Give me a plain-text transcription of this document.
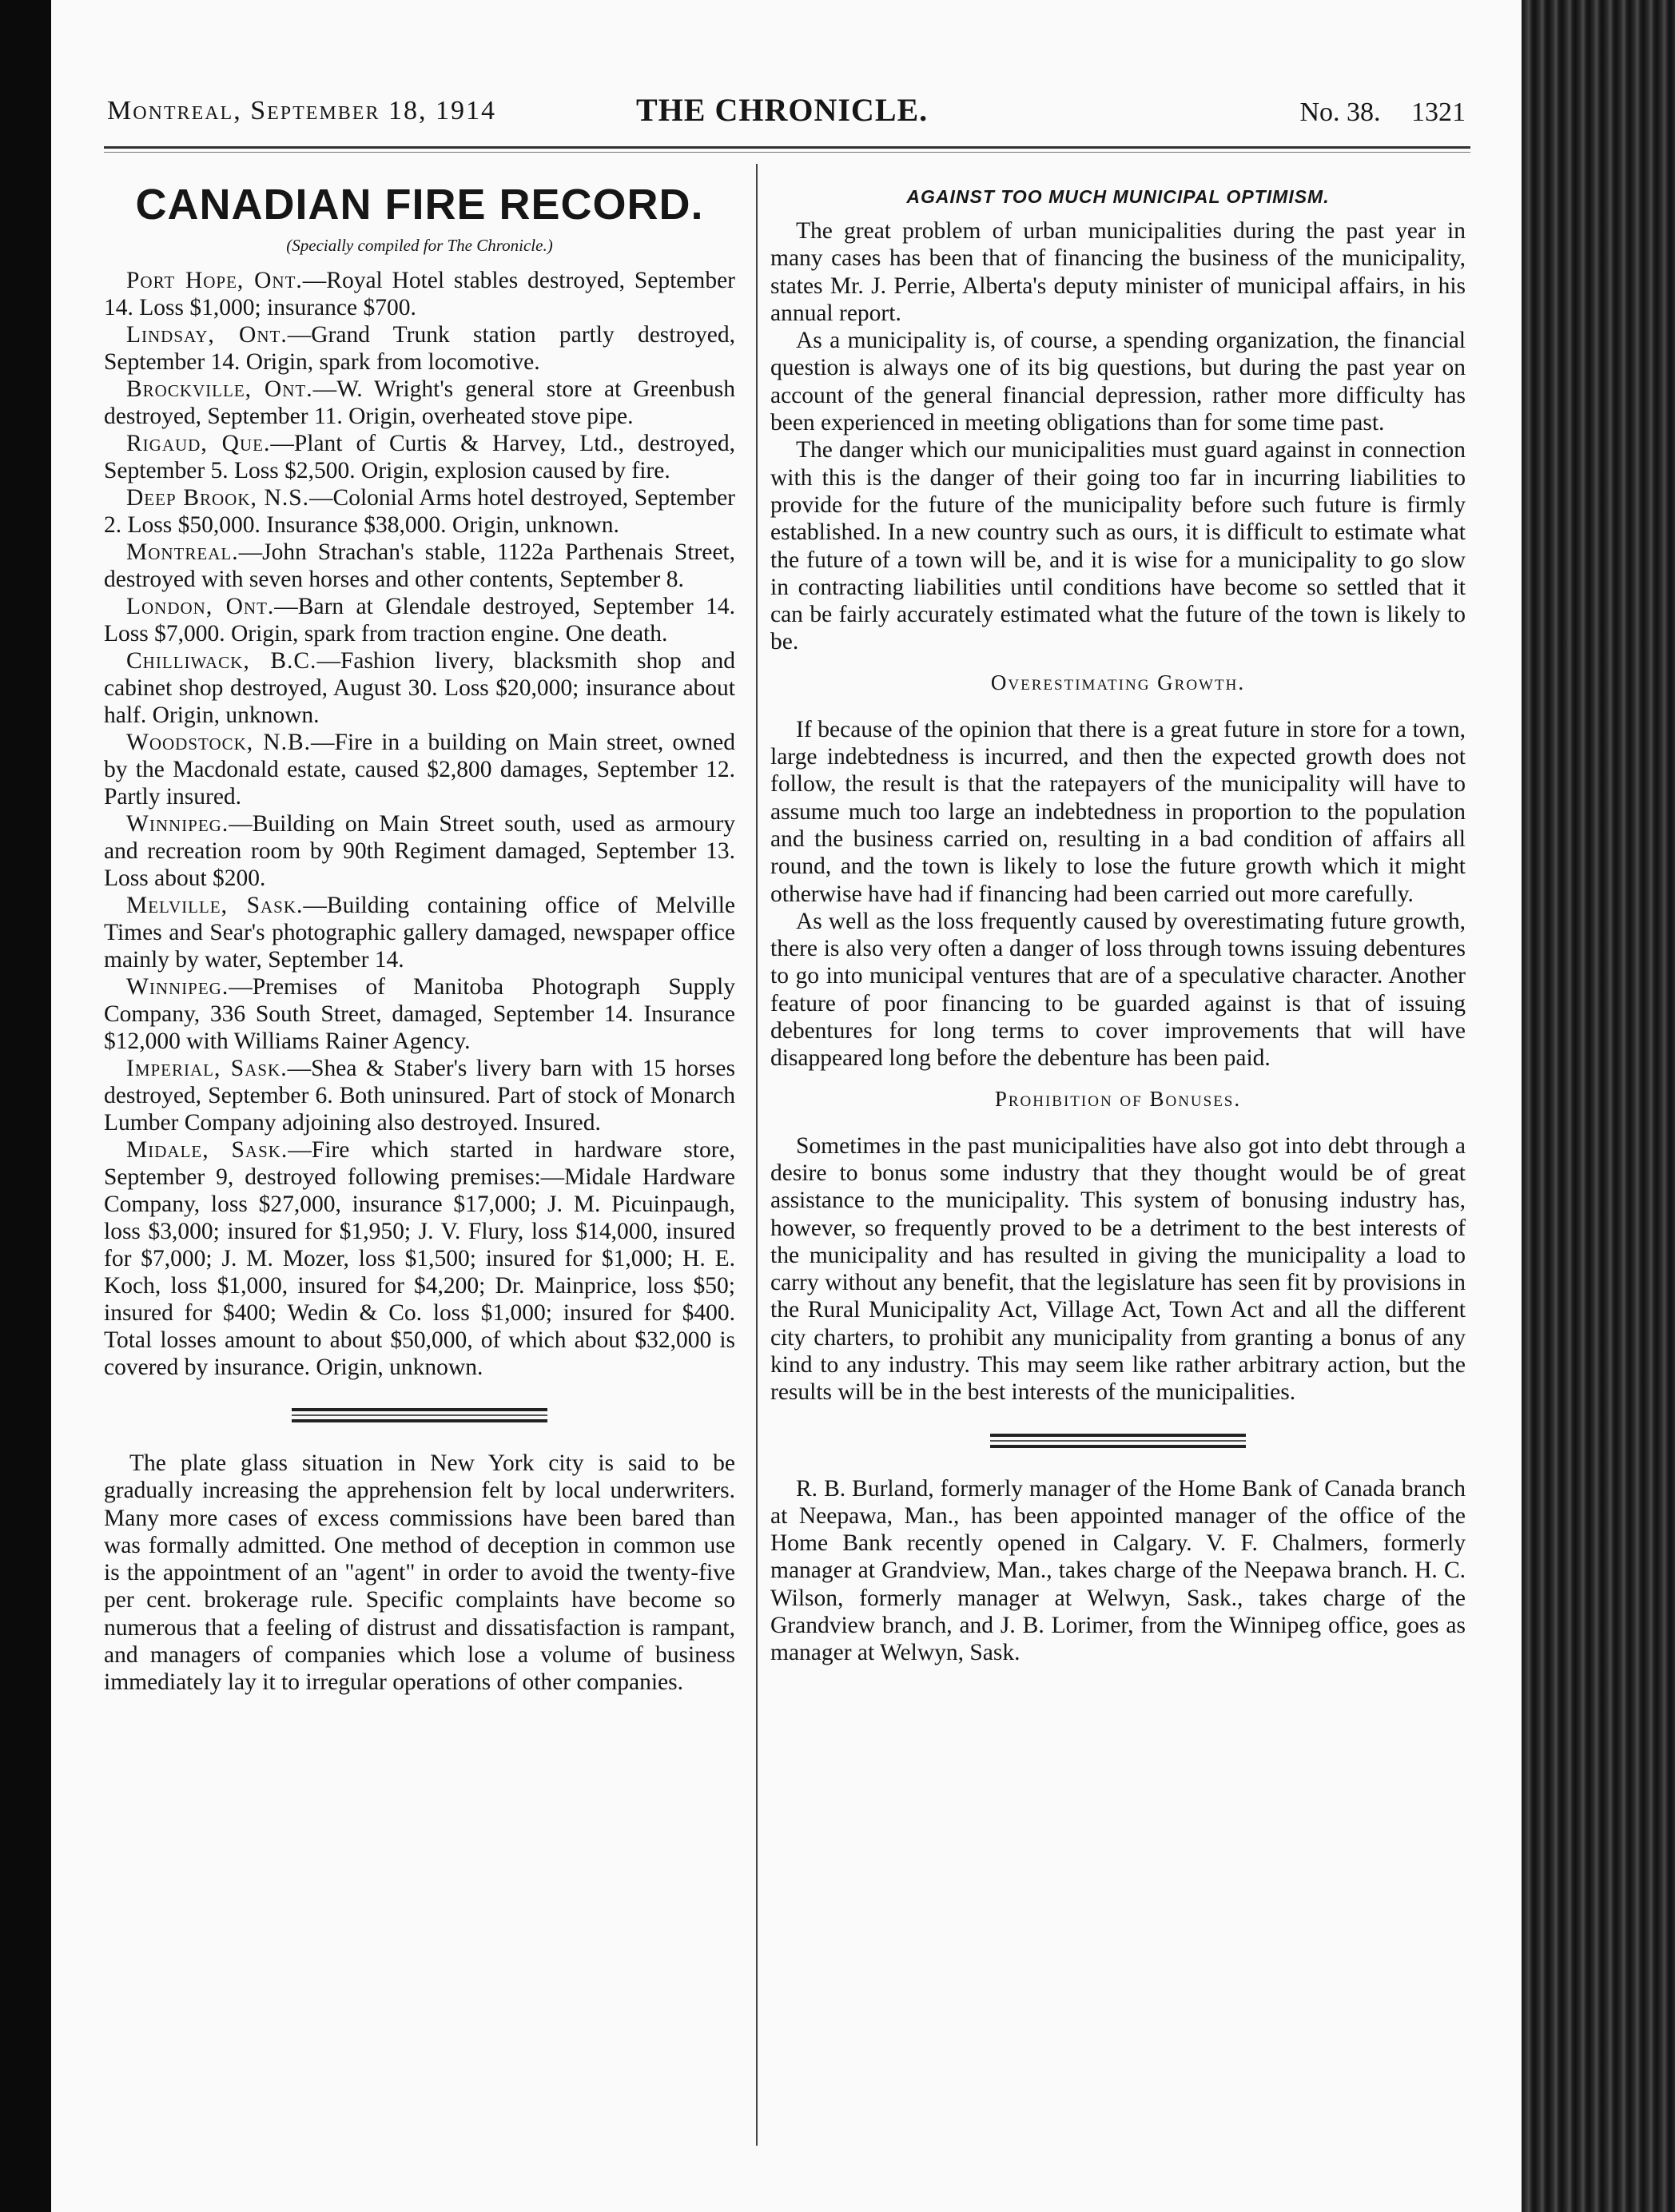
Montreal, September 18, 1914	THE CHRONICLE.	No. 38. 1321
CANADIAN FIRE RECORD.
(Specially compiled for The Chronicle.)

Port Hope, Ont.—Royal Hotel stables destroyed, September 14. Loss $1,000; insurance $700.

Lindsay, Ont.—Grand Trunk station partly destroyed, September 14. Origin, spark from locomotive.

Brockville, Ont.—W. Wright's general store at Greenbush destroyed, September 11. Origin, overheated stove pipe.

Rigaud, Que.—Plant of Curtis & Harvey, Ltd., destroyed, September 5. Loss $2,500. Origin, explosion caused by fire.

Deep Brook, N.S.—Colonial Arms hotel destroyed, September 2. Loss $50,000. Insurance $38,000. Origin, unknown.

Montreal.—John Strachan's stable, 1122a Parthenais Street, destroyed with seven horses and other contents, September 8.

London, Ont.—Barn at Glendale destroyed, September 14. Loss $7,000. Origin, spark from traction engine. One death.

Chilliwack, B.C.—Fashion livery, blacksmith shop and cabinet shop destroyed, August 30. Loss $20,000; insurance about half. Origin, unknown.

Woodstock, N.B.—Fire in a building on Main street, owned by the Macdonald estate, caused $2,800 damages, September 12. Partly insured.

Winnipeg.—Building on Main Street south, used as armoury and recreation room by 90th Regiment damaged, September 13. Loss about $200.

Melville, Sask.—Building containing office of Melville Times and Sear's photographic gallery damaged, newspaper office mainly by water, September 14.

Winnipeg.—Premises of Manitoba Photograph Supply Company, 336 South Street, damaged, September 14. Insurance $12,000 with Williams Rainer Agency.

Imperial, Sask.—Shea & Staber's livery barn with 15 horses destroyed, September 6. Both uninsured. Part of stock of Monarch Lumber Company adjoining also destroyed. Insured.

Midale, Sask.—Fire which started in hardware store, September 9, destroyed following premises:—Midale Hardware Company, loss $27,000, insurance $17,000; J. M. Picuinpaugh, loss $3,000; insured for $1,950; J. V. Flury, loss $14,000, insured for $7,000; J. M. Mozer, loss $1,500; insured for $1,000; H. E. Koch, loss $1,000, insured for $4,200; Dr. Mainprice, loss $50; insured for $400; Wedin & Co. loss $1,000; insured for $400. Total losses amount to about $50,000, of which about $32,000 is covered by insurance. Origin, unknown.

The plate glass situation in New York city is said to be gradually increasing the apprehension felt by local underwriters. Many more cases of excess commissions have been bared than was formally admitted. One method of deception in common use is the appointment of an "agent" in order to avoid the twenty-five per cent. brokerage rule. Specific complaints have become so numerous that a feeling of distrust and dissatisfaction is rampant, and managers of companies which lose a volume of business immediately lay it to irregular operations of other companies.

AGAINST TOO MUCH MUNICIPAL OPTIMISM.

The great problem of urban municipalities during the past year in many cases has been that of financing the business of the municipality, states Mr. J. Perrie, Alberta's deputy minister of municipal affairs, in his annual report.

As a municipality is, of course, a spending organization, the financial question is always one of its big questions, but during the past year on account of the general financial depression, rather more difficulty has been experienced in meeting obligations than for some time past.

The danger which our municipalities must guard against in connection with this is the danger of their going too far in incurring liabilities to provide for the future of the municipality before such future is firmly established. In a new country such as ours, it is difficult to estimate what the future of a town will be, and it is wise for a municipality to go slow in contracting liabilities until conditions have become so settled that it can be fairly accurately estimated what the future of the town is likely to be.

Overestimating Growth.

If because of the opinion that there is a great future in store for a town, large indebtedness is incurred, and then the expected growth does not follow, the result is that the ratepayers of the municipality will have to assume much too large an indebtedness in proportion to the population and the business carried on, resulting in a bad condition of affairs all round, and the town is likely to lose the future growth which it might otherwise have had if financing had been carried out more carefully.

As well as the loss frequently caused by overestimating future growth, there is also very often a danger of loss through towns issuing debentures to go into municipal ventures that are of a speculative character. Another feature of poor financing to be guarded against is that of issuing debentures for long terms to cover improvements that will have disappeared long before the debenture has been paid.

Prohibition of Bonuses.

Sometimes in the past municipalities have also got into debt through a desire to bonus some industry that they thought would be of great assistance to the municipality. This system of bonusing industry has, however, so frequently proved to be a detriment to the best interests of the municipality and has resulted in giving the municipality a load to carry without any benefit, that the legislature has seen fit by provisions in the Rural Municipality Act, Village Act, Town Act and all the different city charters, to prohibit any municipality from granting a bonus of any kind to any industry. This may seem like rather arbitrary action, but the results will be in the best interests of the municipalities.

R. B. Burland, formerly manager of the Home Bank of Canada branch at Neepawa, Man., has been appointed manager of the office of the Home Bank recently opened in Calgary. V. F. Chalmers, formerly manager at Grandview, Man., takes charge of the Neepawa branch. H. C. Wilson, formerly manager at Welwyn, Sask., takes charge of the Grandview branch, and J. B. Lorimer, from the Winnipeg office, goes as manager at Welwyn, Sask.
